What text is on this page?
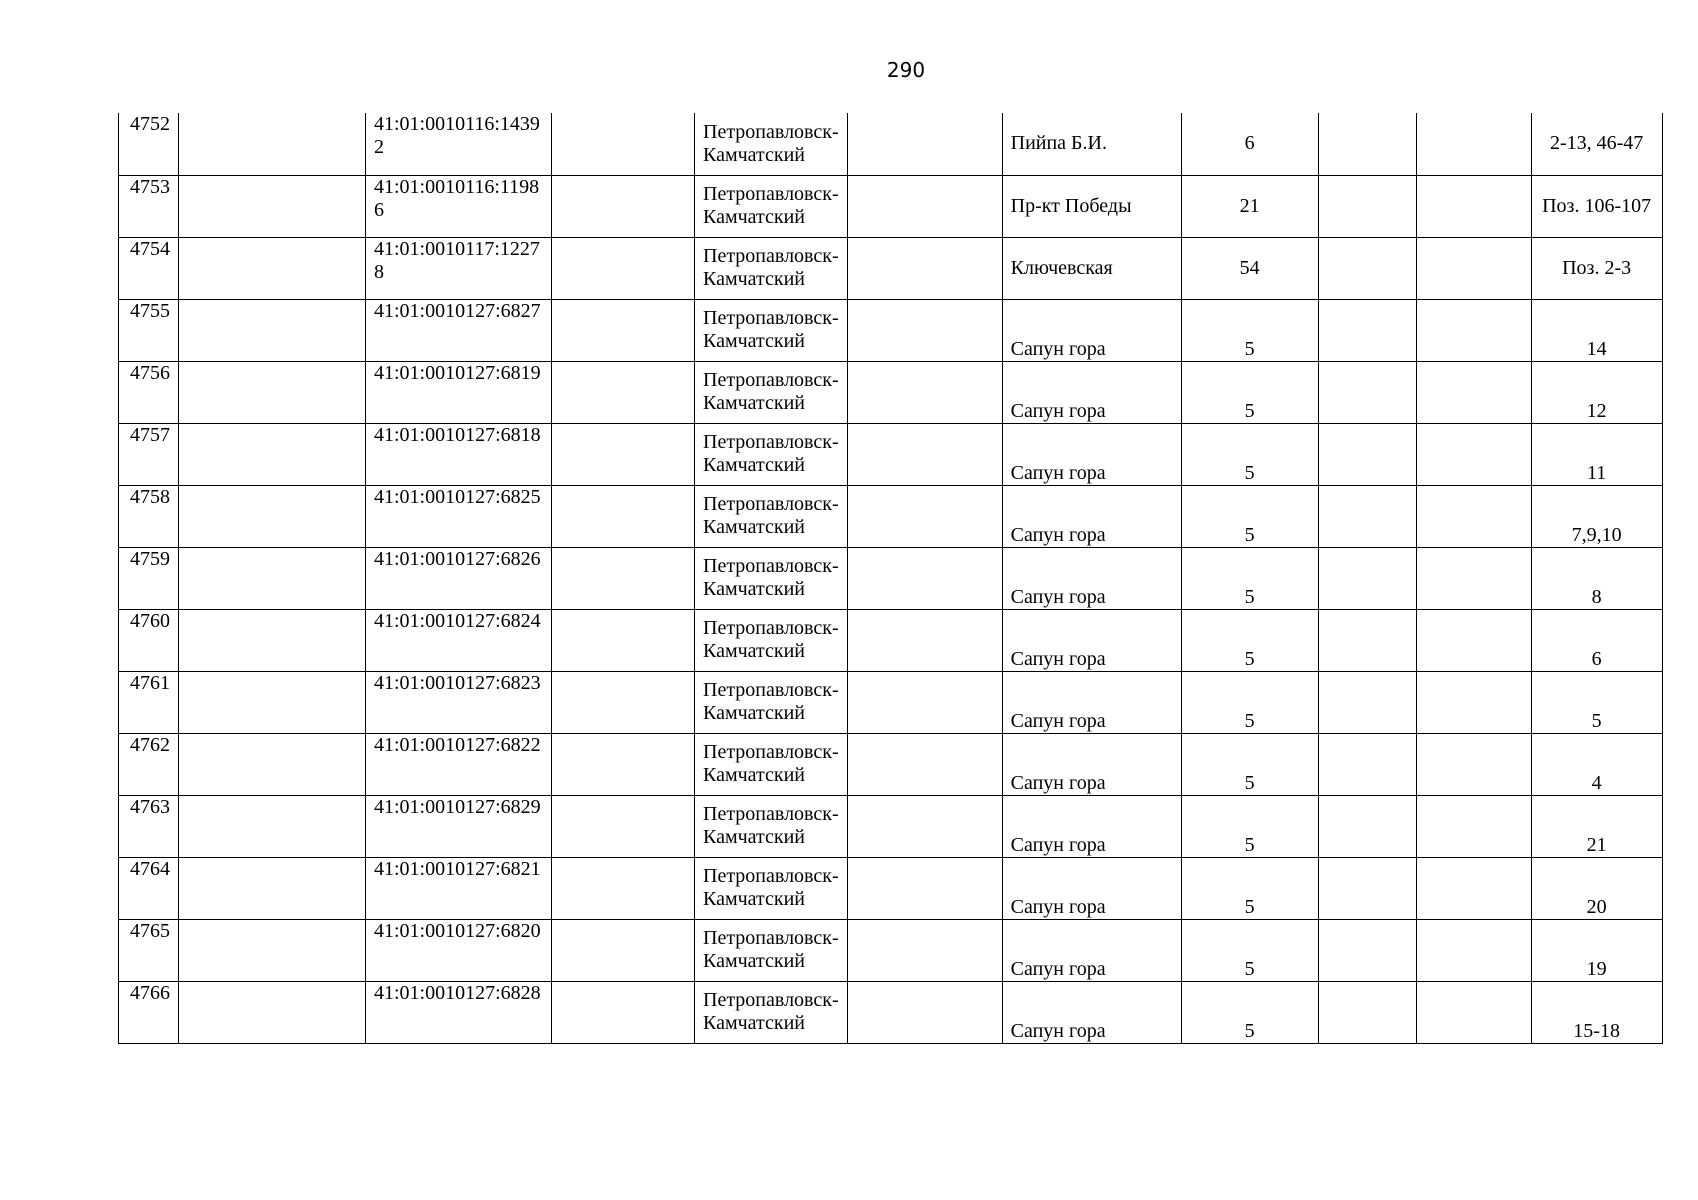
290
4752		41:01:0010116:14392		Петропавловск-Камчатский		Пийпа Б.И.	6			2-13, 46-47
4753		41:01:0010116:11986		Петропавловск-Камчатский		Пр-кт Победы	21			Поз. 106-107
4754		41:01:0010117:12278		Петропавловск-Камчатский		Ключевская	54			Поз. 2-3
4755		41:01:0010127:6827		Петропавловск-Камчатский		Сапун гора	5			14
4756		41:01:0010127:6819		Петропавловск-Камчатский		Сапун гора	5			12
4757		41:01:0010127:6818		Петропавловск-Камчатский		Сапун гора	5			11
4758		41:01:0010127:6825		Петропавловск-Камчатский		Сапун гора	5			7,9,10
4759		41:01:0010127:6826		Петропавловск-Камчатский		Сапун гора	5			8
4760		41:01:0010127:6824		Петропавловск-Камчатский		Сапун гора	5			6
4761		41:01:0010127:6823		Петропавловск-Камчатский		Сапун гора	5			5
4762		41:01:0010127:6822		Петропавловск-Камчатский		Сапун гора	5			4
4763		41:01:0010127:6829		Петропавловск-Камчатский		Сапун гора	5			21
4764		41:01:0010127:6821		Петропавловск-Камчатский		Сапун гора	5			20
4765		41:01:0010127:6820		Петропавловск-Камчатский		Сапун гора	5			19
4766		41:01:0010127:6828		Петропавловск-Камчатский		Сапун гора	5			15-18
